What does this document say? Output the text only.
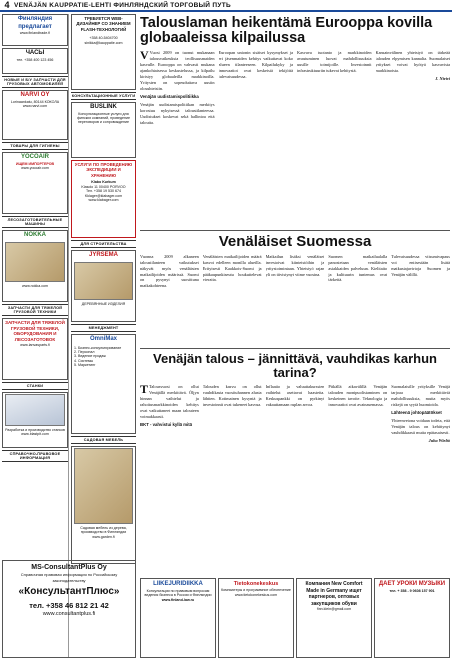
4 VENÄJÄN KAUPPATIE-LEHTI ФИНЛЯНДСКИЙ ТОРГОВЫЙ ПУТЬ
Финляндия предлагает
www.finlandtrade.fi
ЧАСЫ
тел. +358 400 123 456
НОВЫЕ И Б/У ЗАПЧАСТИ ДЛЯ ГРУЗОВЫХ АВТОМОБИЛЕЙ
NARVI OY
Lorinaankatu, 80144 КОКОЛА
www.narvi.com
ТОВАРЫ ДЛЯ ГИГИЕНЫ
YOCOAIR
ИЩЕМ ИМПОРТЕРОВ
www.yocoair.com
ЛЕСОЗАГОТОВИТЕЛЬНЫЕ МАШИНЫ
NOKKA
www.nokka.com
ЗАПЧАСТИ ДЛЯ ТЯЖЕЛОЙ ГРУЗОВОЙ ТЕХНИКИ
ЗАПЧАСТИ ДЛЯ ТЯЖЕЛОЙ ГРУЗОВОЙ ТЕХНИКИ, ОБОРУДОВАНИЯ И ЛЕСОЗАГОТОВОК
www.lanvasparts.fi
СТАНКИ
Разработка и производство станков
www.blastpit.com
СПРАВОЧНО-ПРАВОВОЕ ИНФОРМАЦИЯ
ТРЕБУЕТСЯ WEB-ДИЗАЙНЕР СО ЗНАНИЕМ FLASH-ТЕХНОЛОГИЙ
+358 40-5404700
sinikka@kauppatie.com
КОНСУЛЬТАЦИОННЫЕ УСЛУГИ
BUSLINK
Консультационные услуги для финских компаний, проведение переговоров и сопровождение
УСЛУГИ ПО ПРОВЕДЕНИЮ ЭКСПЕДИЦИИ И ХРАНЕНИЮ
Klabo Kurkum
Klasolo 11 00400 PORVOO
Тел. +358 19 530 674
Kklager@klabager.com
www.klabager.com
ДЛЯ СТРОИТЕЛЬСТВА
JYRSEMÄ
ДЕРЕВЯННЫЕ ИЗДЕЛИЯ
МЕНЕДЖМЕНТ
OmniMax
1. Бизнес-консультирование
2. Персонал
3. Ведение продаж
4. Системы
5. Маркетинг
САДОВАЯ МЕБЕЛЬ
Садовая мебель из дерева, производство в Финляндии
www.garden.fi
Talouslaman heikentämä Eurooppa kovilla globaaleissa kilpailussa

V Vuosi 2009 on tuonut mukanaan talousvaikeuksia teollisuusmaiden kasvulle. Eurooppa on vahvasti mukana ajankohtaisessa keskustelussa, ja kilpailu kiristyy globaaleilla markkinoilla. Yritysten on sopeuduttava uusiin olosuhteisiin.

Venäjän uudistamispolitiikka

Venäjän uudistamispolitiikan merkitys korostuu nykyisessä taloustilanteessa. Uudistukset koskevat sekä hallintoa että taloutta.

Euroopan unionin sisäiset kysymykset ja eri jäsenmaiden kehitys vaikuttavat koko alueen tilanteeseen. Kilpailukyky ja innovaatiot ovat keskeisiä tekijöitä tulevaisuudessa.

Kasvava tuotanto ja markkinoiden avautuminen luovat mahdollisuuksia uusille toimijoille. Investoinnit infrastruktuuriin tukevat kehitystä.

Kansainvälinen yhteistyö on tärkeää talouden elpymisen kannalta. Suomalaiset yritykset voivat hyötyä kasvavista markkinoista.

J. Nieivi

Venäläiset Suomessa

Vuonna 2009 alkaneen taloustilanteen vaikutukset näkyvät myös venäläisten matkailijoiden määrissä. Suomi on pysynyt suosittuna matkakohteena.

Venäläisten matkailijoiden määrä kasvoi edelleen monilla alueilla. Erityisesti Kaakkois-Suomi ja pääkaupunkiseutu houkuttelevat vieraita.

Matkailun lisäksi venäläiset investoivat kiinteistöihin ja yritystoimintaan. Yhteistyö rajan yli on tiivistynyt viime vuosina.

Suomen matkailualalla panostetaan venäläisten asiakkaiden palveluun. Kielitaito ja kulttuurin tuntemus ovat tärkeitä.

Tulevaisuudessa viisumivapaus voi entisestään lisätä matkustajavirtoja Suomen ja Venäjän välillä.

Venäjän talous – jännittävä, vauhdikas karhun tarina?

T Talousvuosi on ollut Venäjällä merkittävä. Öljyn hinnan vaihtelut ja rahoitusmarkkinoiden kehitys ovat vaikuttaneet maan talouteen voimakkaasti.

BKT - vahvistui kyllä mitä

Talouden kasvu on ollut vauhdikasta vuosituhannen alusta lähtien. Kotimainen kysyntä ja investoinnit ovat tukeneet kasvua.

Inflaatio ja valuuttakurssien vaihtelut asettavat haasteita. Keskuspankki on pyrkinyt vakauttamaan ruplan arvoa.

Pitkällä aikavälillä Venäjän talouden monipuolistaminen on keskeinen tavoite. Teknologia ja innovaatiot ovat avainasemassa.

Suomalaisille yrityksille Venäjä tarjoaa merkittäviä mahdollisuuksia, mutta myös riskejä on syytä huomioida.

Lähteenä johtopäätökset

Yhteenvetona voidaan todeta, että Venäjän talous on kehittynyt vauhdikkaasti mutta epätasaisesti.

Juha Wieltö

MS-ConsultantPlus Oy
Справочная правовая информация по Российскому законодательству
«КонсультантПлюс»
тел. +358 46 812 21 42
www.consultantplus.fi
LIIKEJURIDIIKKA
Консультации по правовым вопросам ведения бизнеса в России и Финляндии
www.finland-law.ru
Tietokonekeskus
Компьютеры и программное обеспечение
www.tietokonekeskus.com
Компания New Comfort Made in Germany ищет партнеров, оптовых закупщиков обуви
finn.klein@gmail.com
ДАЕТ УРОКИ МУЗЫКИ
тел. + 358 - 9 0608 157 901
